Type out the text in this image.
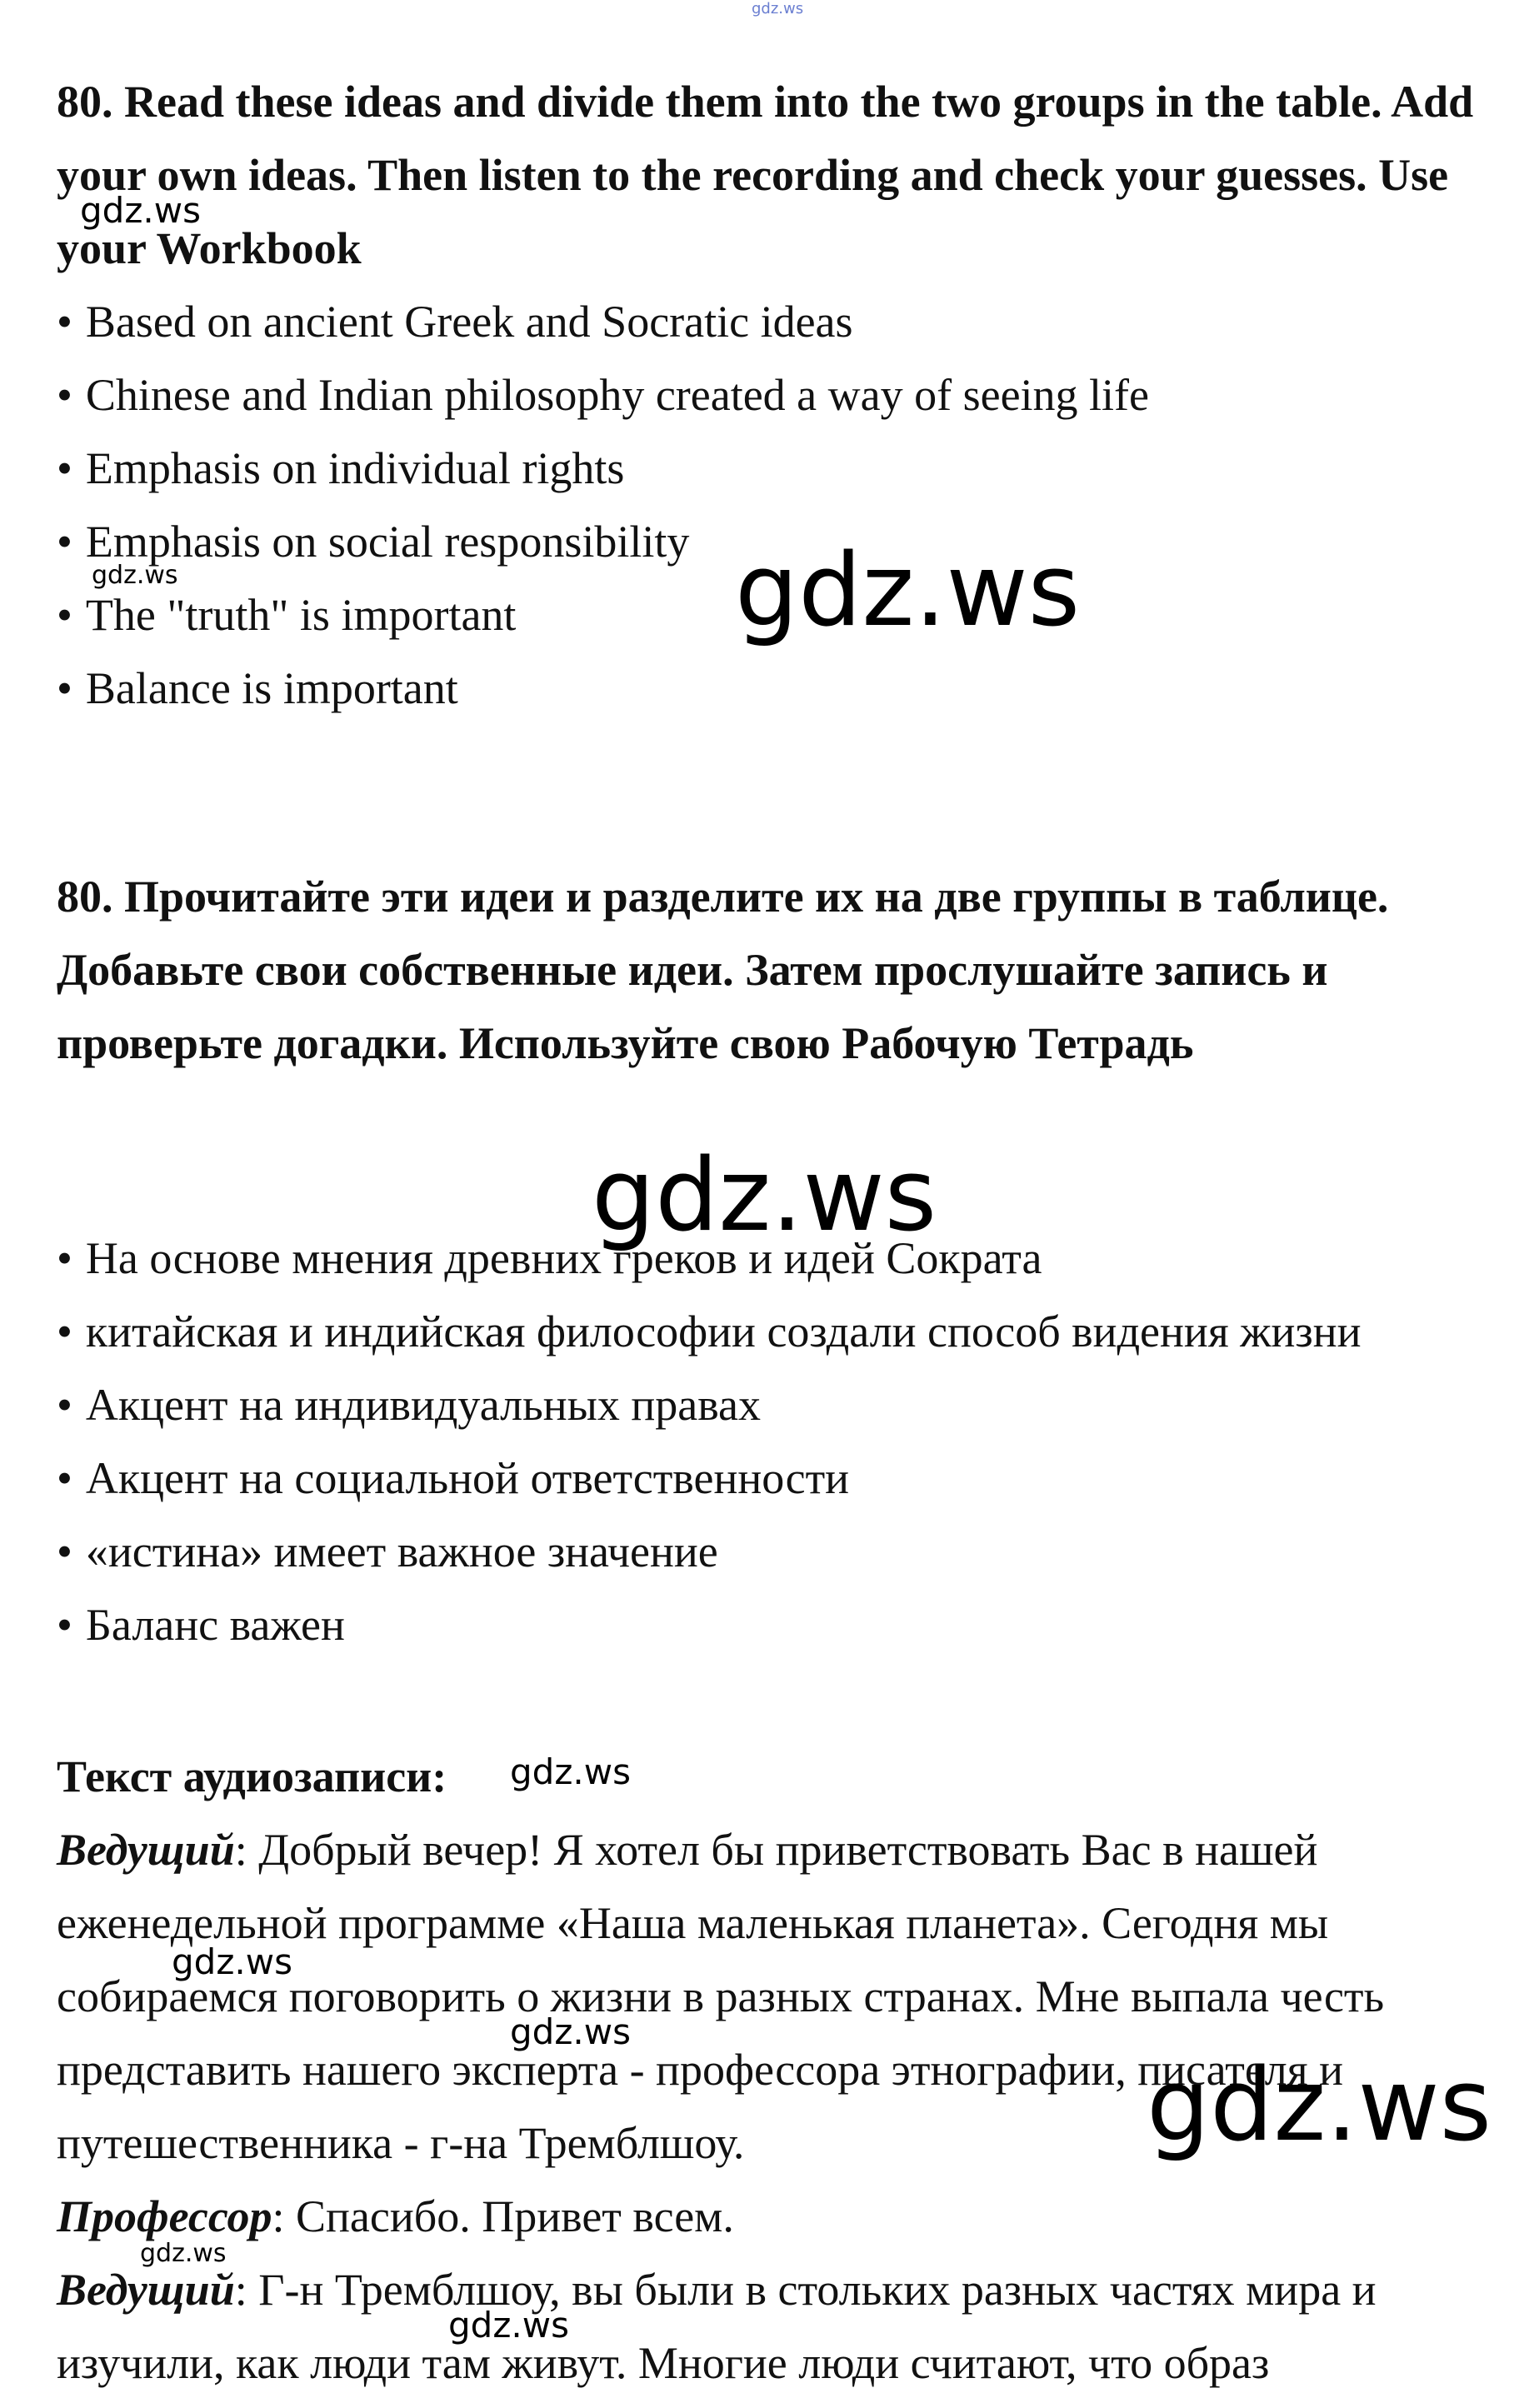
80. Read these ideas and divide them into the two groups in the table. Add your own ideas. Then listen to the recording and check your guesses. Use your Workbook

• Based on ancient Greek and Socratic ideas
• Chinese and Indian philosophy created a way of seeing life
• Emphasis on individual rights
• Emphasis on social responsibility
• The "truth" is important
• Balance is important

80. Прочитайте эти идеи и разделите их на две группы в таблице. Добавьте свои собственные идеи. Затем прослушайте запись и проверьте догадки. Используйте свою Рабочую Тетрадь

• На основе мнения древних греков и идей Сократа
• китайская и индийская философии создали способ видения жизни
• Акцент на индивидуальных правах
• Акцент на социальной ответственности
• «истина» имеет важное значение
• Баланс важен

Текст аудиозаписи:

Ведущий: Добрый вечер! Я хотел бы приветствовать Вас в нашей еженедельной программе «Наша маленькая планета». Сегодня мы собираемся поговорить о жизни в разных странах. Мне выпала честь представить нашего эксперта - профессора этнографии, писателя и путешественника - г-на Тремблшоу.

Профессор: Спасибо. Привет всем.

Ведущий: Г-н Тремблшоу, вы были в стольких разных частях мира и изучили, как люди там живут. Многие люди считают, что образ

gdz.ws
gdz.ws
gdz.ws	gdz.ws
gdz.ws
gdz.ws
gdz.ws
gdz.ws
gdz.ws
gdz.ws
gdz.ws
